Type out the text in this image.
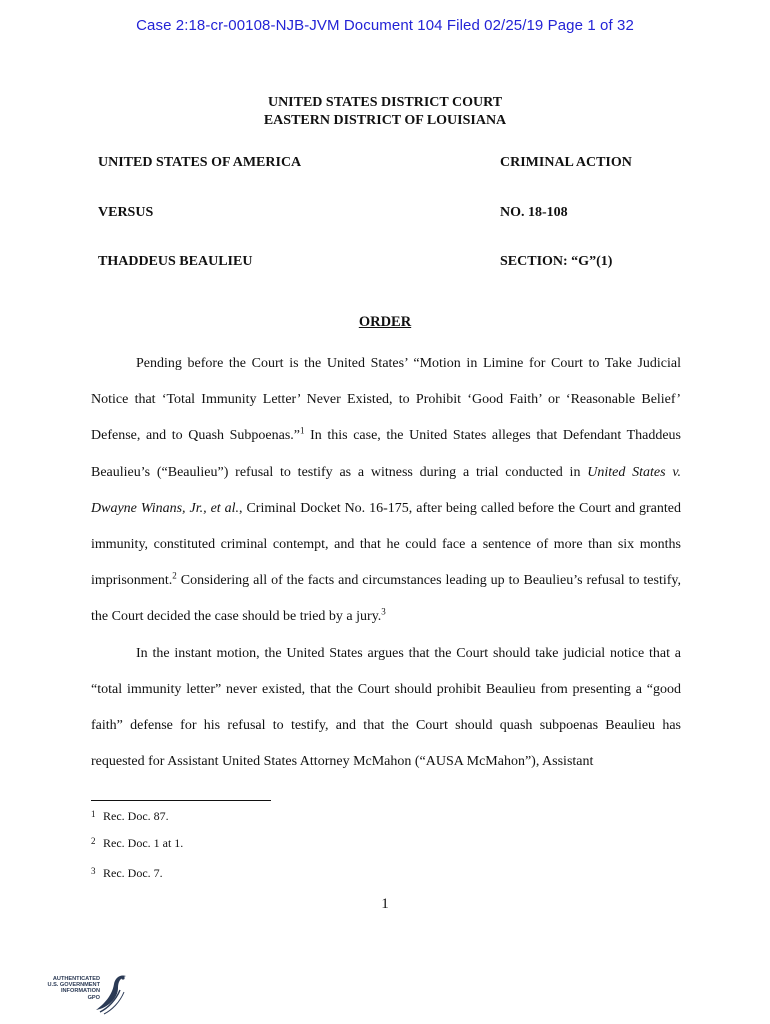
Case 2:18-cr-00108-NJB-JVM Document 104 Filed 02/25/19 Page 1 of 32
UNITED STATES DISTRICT COURT
EASTERN DISTRICT OF LOUISIANA
UNITED STATES OF AMERICA	CRIMINAL ACTION
VERSUS	NO. 18-108
THADDEUS BEAULIEU	SECTION: “G”(1)
ORDER

Pending before the Court is the United States’ “Motion in Limine for Court to Take Judicial Notice that ‘Total Immunity Letter’ Never Existed, to Prohibit ‘Good Faith’ or ‘Reasonable Belief’ Defense, and to Quash Subpoenas.”$^1$ In this case, the United States alleges that Defendant Thaddeus Beaulieu’s (“Beaulieu”) refusal to testify as a witness during a trial conducted in United States v. Dwayne Winans, Jr., et al., Criminal Docket No. 16-175, after being called before the Court and granted immunity, constituted criminal contempt, and that he could face a sentence of more than six months imprisonment.$^2$ Considering all of the facts and circumstances leading up to Beaulieu’s refusal to testify, the Court decided the case should be tried by a jury.$^3$

In the instant motion, the United States argues that the Court should take judicial notice that a “total immunity letter” never existed, that the Court should prohibit Beaulieu from presenting a “good faith” defense for his refusal to testify, and that the Court should quash subpoenas Beaulieu has requested for Assistant United States Attorney McMahon (“AUSA McMahon”), Assistant

1 Rec. Doc. 87.
2 Rec. Doc. 1 at 1.
3 Rec. Doc. 7.
1
AUTHENTICATED
U.S. GOVERNMENT
INFORMATION
GPO
